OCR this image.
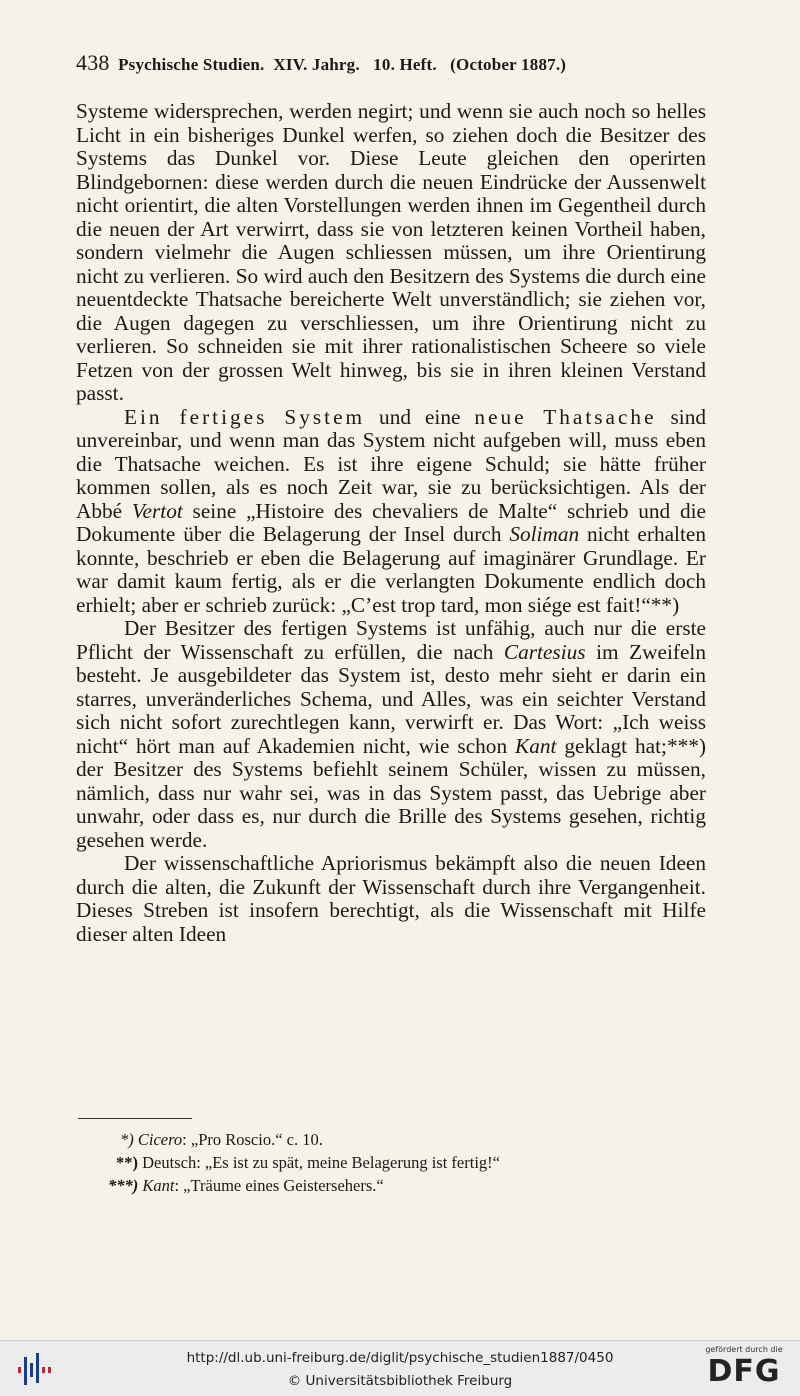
438 Psychische Studien.  XIV. Jahrg.   10. Heft.   (October 1887.)

Systeme widersprechen, werden negirt; und wenn sie auch noch so helles Licht in ein bisheriges Dunkel werfen, so ziehen doch die Besitzer des Systems das Dunkel vor. Diese Leute gleichen den operirten Blindgebornen: diese werden durch die neuen Eindrücke der Aussenwelt nicht orientirt, die alten Vorstellungen werden ihnen im Gegentheil durch die neuen der Art verwirrt, dass sie von letzteren keinen Vortheil haben, sondern vielmehr die Augen schliessen müssen, um ihre Orientirung nicht zu verlieren. So wird auch den Besitzern des Systems die durch eine neuentdeckte Thatsache bereicherte Welt unverständlich; sie ziehen vor, die Augen dagegen zu verschliessen, um ihre Orientirung nicht zu verlieren. So schneiden sie mit ihrer rationalistischen Scheere so viele Fetzen von der grossen Welt hinweg, bis sie in ihren kleinen Verstand passt.

Ein fertiges System und eine neue Thatsache sind unvereinbar, und wenn man das System nicht aufgeben will, muss eben die Thatsache weichen. Es ist ihre eigene Schuld; sie hätte früher kommen sollen, als es noch Zeit war, sie zu berücksichtigen. Als der Abbé Vertot seine „Histoire des chevaliers de Malte“ schrieb und die Dokumente über die Belagerung der Insel durch Soliman nicht erhalten konnte, beschrieb er eben die Belagerung auf imaginärer Grundlage. Er war damit kaum fertig, als er die verlangten Dokumente endlich doch erhielt; aber er schrieb zurück: „C’est trop tard, mon siége est fait!“**)

Der Besitzer des fertigen Systems ist unfähig, auch nur die erste Pflicht der Wissenschaft zu erfüllen, die nach Cartesius im Zweifeln besteht. Je ausgebildeter das System ist, desto mehr sieht er darin ein starres, unveränderliches Schema, und Alles, was ein seichter Verstand sich nicht sofort zurechtlegen kann, verwirft er. Das Wort: „Ich weiss nicht“ hört man auf Akademien nicht, wie schon Kant geklagt hat;***) der Besitzer des Systems befiehlt seinem Schüler, wissen zu müssen, nämlich, dass nur wahr sei, was in das System passt, das Uebrige aber unwahr, oder dass es, nur durch die Brille des Systems gesehen, richtig gesehen werde.

Der wissenschaftliche Apriorismus bekämpft also die neuen Ideen durch die alten, die Zukunft der Wissenschaft durch ihre Vergangenheit. Dieses Streben ist insofern berechtigt, als die Wissenschaft mit Hilfe dieser alten Ideen

*) Cicero: „Pro Roscio.“ c. 10.
**) Deutsch: „Es ist zu spät, meine Belagerung ist fertig!“
***) Kant: „Träume eines Geistersehers.“
http://dl.ub.uni-freiburg.de/diglit/psychische_studien1887/0450
© Universitätsbibliothek Freiburg
gefördert durch die
DFG
